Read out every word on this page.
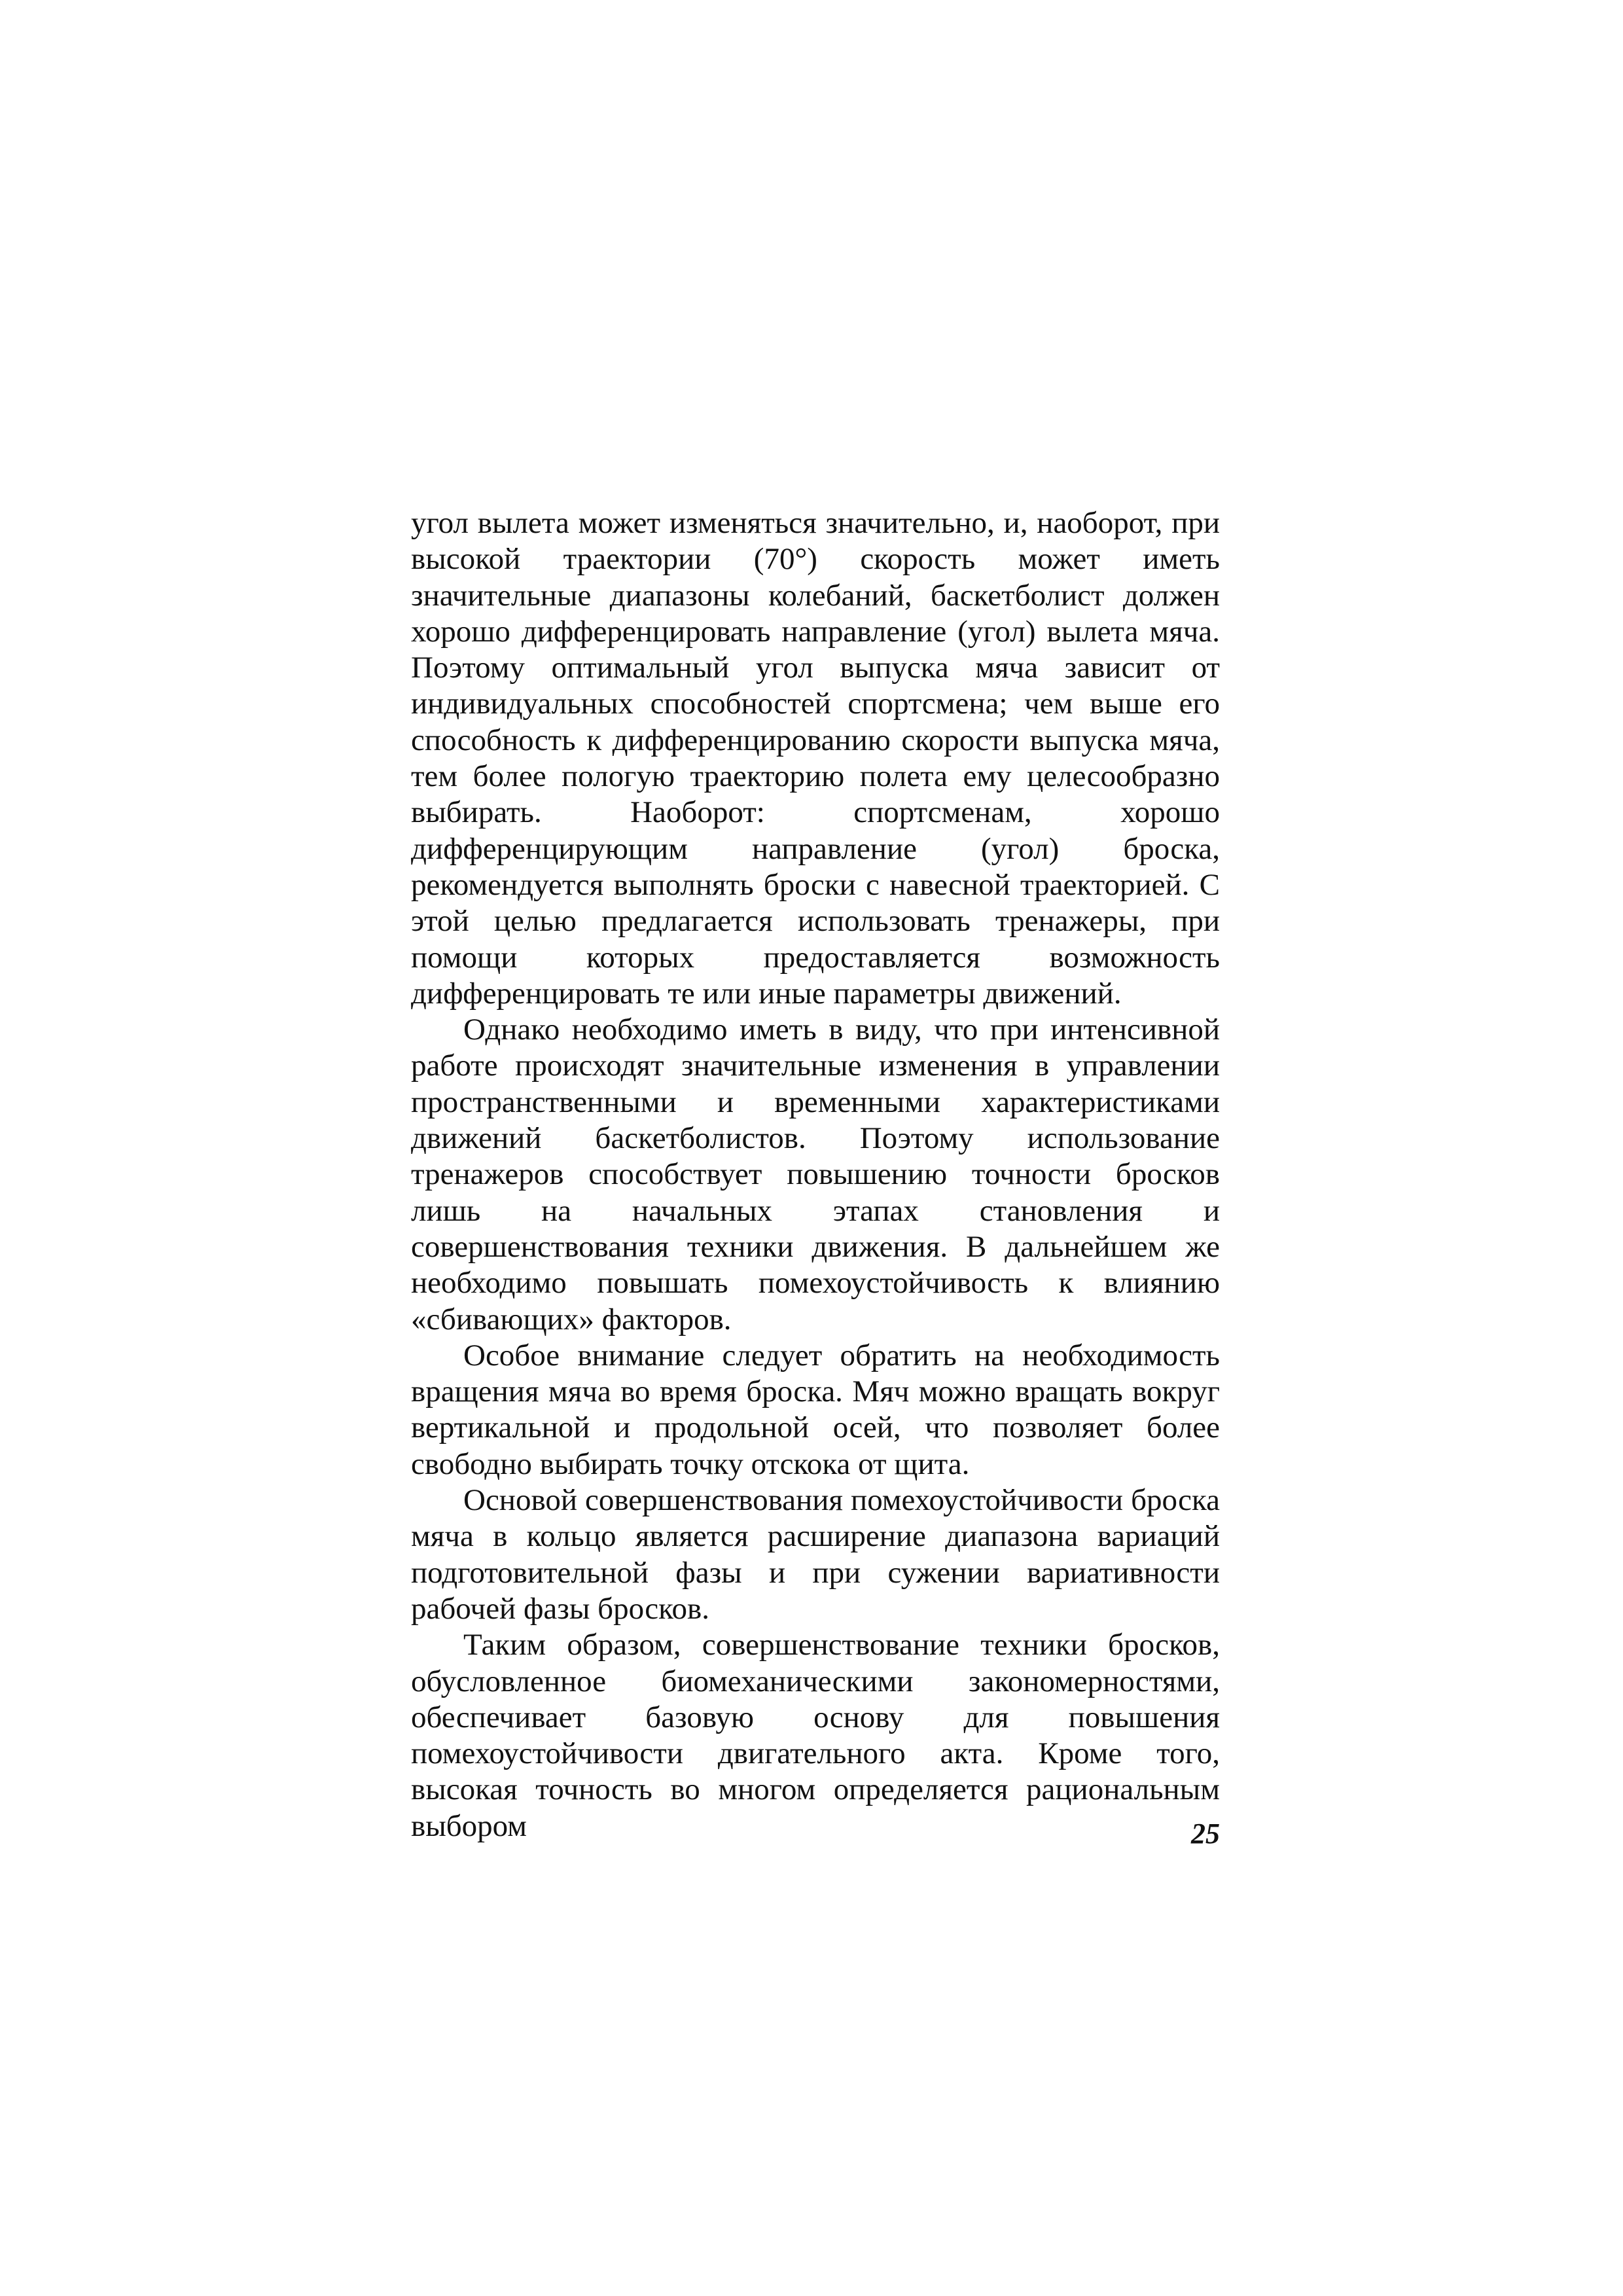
угол вылета может изменяться значительно, и, наоборот, при высокой траектории (70°) скорость может иметь значительные диапазоны колебаний, баскетболист должен хорошо дифференцировать направление (угол) вылета мяча. Поэтому оптимальный угол выпуска мяча зависит от индивидуальных способностей спортсмена; чем выше его способность к дифференцированию скорости выпуска мяча, тем более пологую траекторию полета ему целесообразно выбирать. Наоборот: спортсменам, хорошо дифференцирующим направление (угол) броска, рекомендуется выполнять броски с навесной траекторией. С этой целью предлагается использовать тренажеры, при помощи которых предоставляется возможность дифференцировать те или иные параметры движений.

Однако необходимо иметь в виду, что при интенсивной работе происходят значительные изменения в управлении пространственными и временными характеристиками движений баскетболистов. Поэтому использование тренажеров способствует повышению точности бросков лишь на начальных этапах становления и совершенствования техники движения. В дальнейшем же необходимо повышать помехоустойчивость к влиянию «сбивающих» факторов.

Особое внимание следует обратить на необходимость вращения мяча во время броска. Мяч можно вращать вокруг вертикальной и продольной осей, что позволяет более свободно выбирать точку отскока от щита.

Основой совершенствования помехоустойчивости броска мяча в кольцо является расширение диапазона вариаций подготовительной фазы и при сужении вариативности рабочей фазы бросков.

Таким образом, совершенствование техники бросков, обусловленное биомеханическими закономерностями, обеспечивает базовую основу для повышения помехоустойчивости двигательного акта. Кроме того, высокая точность во многом определяется рациональным выбором	25
